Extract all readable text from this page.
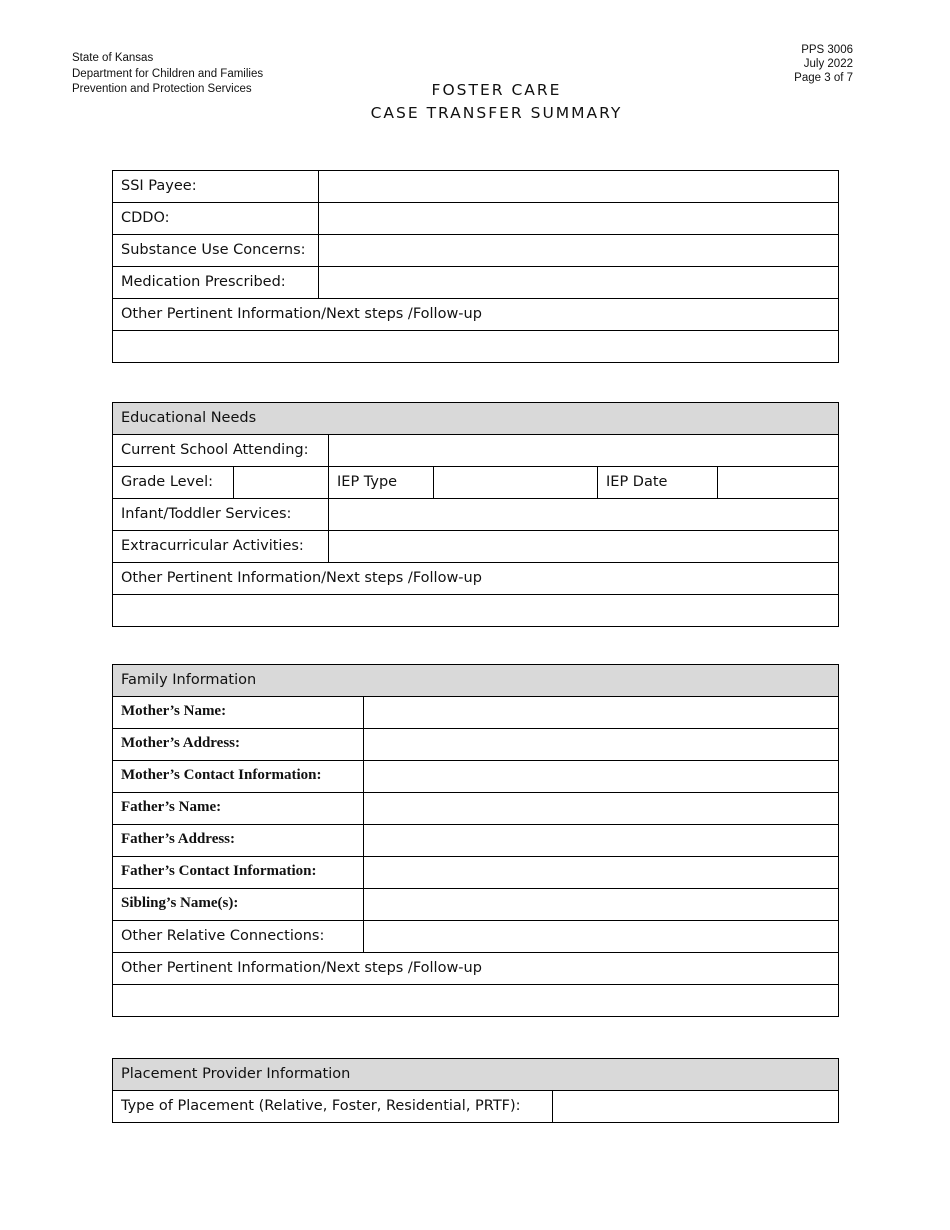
State of Kansas
Department for Children and Families
Prevention and Protection Services
PPS 3006
July 2022
Page 3 of 7
FOSTER CARE
CASE TRANSFER SUMMARY
SSI Payee:	

CDDO:	

Substance Use Concerns:	

Medication Prescribed:	

Other Pertinent Information/Next steps /Follow-up	

Educational Needs					

Current School Attending:					

Grade Level:		IEP Type		IEP Date	

Infant/Toddler Services:					

Extracurricular Activities:					

Other Pertinent Information/Next steps /Follow-up					

Family Information	

Mother’s Name:	

Mother’s Address:	

Mother’s Contact Information:	

Father’s Name:	

Father’s Address:	

Father’s Contact Information:	

Sibling’s Name(s):	

Other Relative Connections:	

Other Pertinent Information/Next steps /Follow-up	

Placement Provider Information

Type of Placement (Relative, Foster, Residential, PRTF):
